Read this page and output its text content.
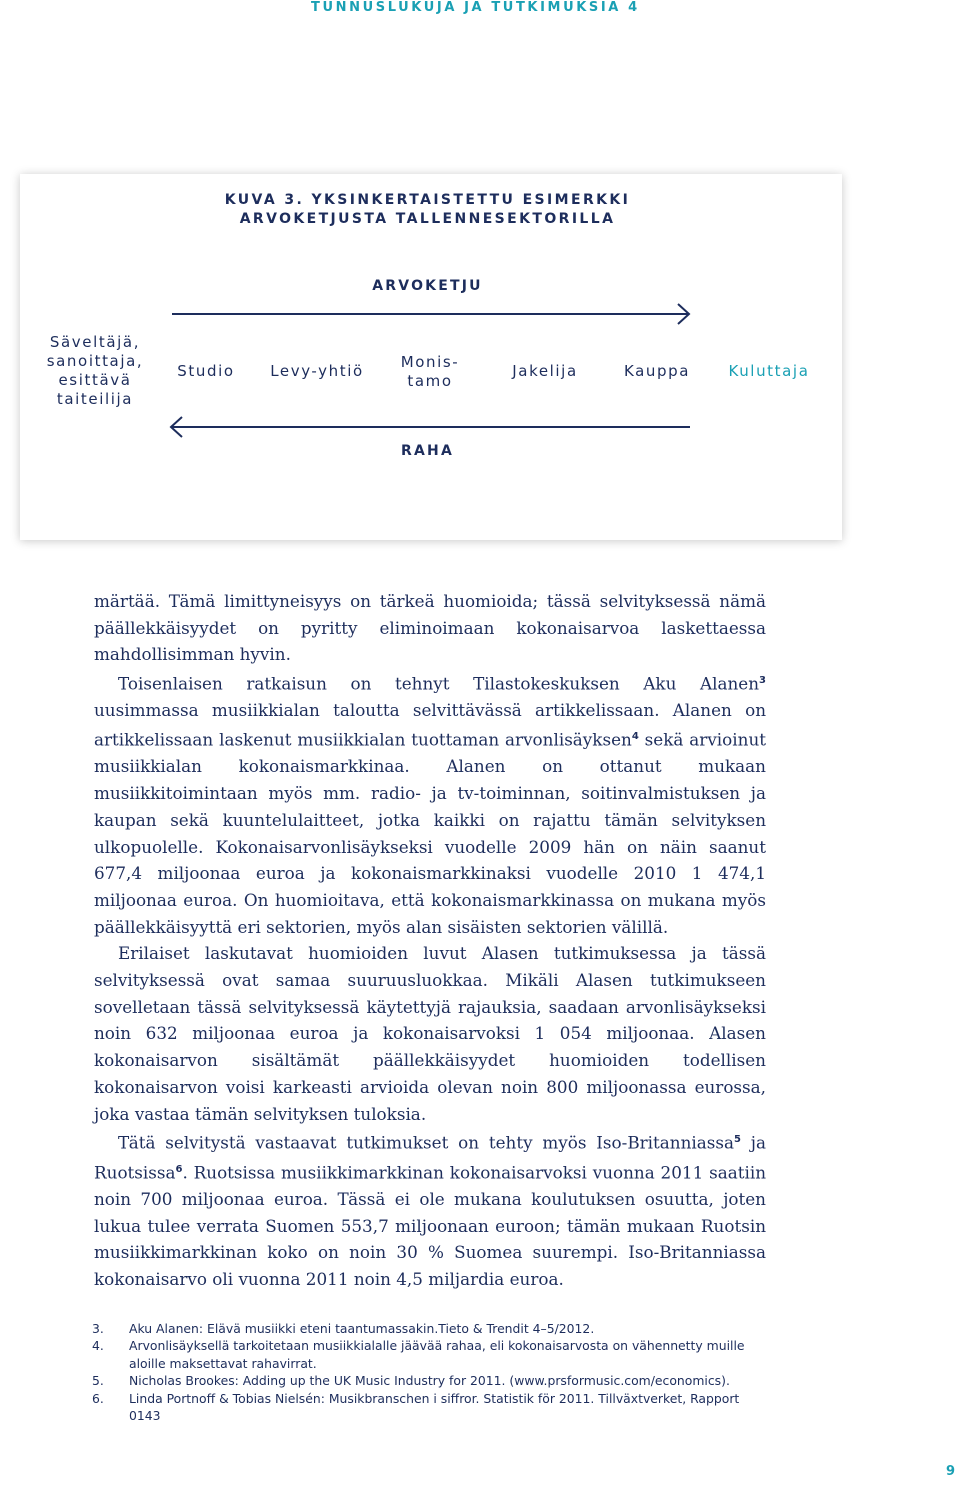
TUNNUSLUKUJA JA TUTKIMUKSIA 4
KUVA 3. YKSINKERTAISTETTU ESIMERKKI
ARVOKETJUSTA TALLENNESEKTORILLA
ARVOKETJU
Säveltäjä,
sanoittaja,
esittävä
taiteilija
Studio Levy-yhtiö Monis-
tamo
Jakelija	Kauppa	Kuluttaja
RAHA

märtää. Tämä limittyneisyys on tärkeä huomioida; tässä selvityksessä nämä päällekkäisyydet on pyritty eliminoimaan kokonaisarvoa laskettaessa mahdollisimman hyvin.

Toisenlaisen ratkaisun on tehnyt Tilastokeskuksen Aku Alanen$^3$ uusimmassa musiikkialan taloutta selvittävässä artikkelissaan. Alanen on artikkelissaan laskenut musiikkialan tuottaman arvonlisäyksen$^4$ sekä arvioinut musiikkialan kokonaismarkkinaa. Alanen on ottanut mukaan musiikkitoimintaan myös mm. radio- ja tv-toiminnan, soitinvalmistuksen ja kaupan sekä kuuntelulaitteet, jotka kaikki on rajattu tämän selvityksen ulkopuolelle. Kokonaisarvonlisäykseksi vuodelle 2009 hän on näin saanut 677,4 miljoonaa euroa ja kokonaismarkkinaksi vuodelle 2010 1 474,1 miljoonaa euroa. On huomioitava, että kokonaismarkkinassa on mukana myös päällekkäisyyttä eri sektorien, myös alan sisäisten sektorien välillä.

Erilaiset laskutavat huomioiden luvut Alasen tutkimuksessa ja tässä selvityksessä ovat samaa suuruusluokkaa. Mikäli Alasen tutkimukseen sovelletaan tässä selvityksessä käytettyjä rajauksia, saadaan arvonlisäykseksi noin 632 miljoonaa euroa ja kokonaisarvoksi 1 054 miljoonaa. Alasen kokonaisarvon sisältämät päällekkäisyydet huomioiden todellisen kokonaisarvon voisi karkeasti arvioida olevan noin 800 miljoonassa eurossa, joka vastaa tämän selvityksen tuloksia.

Tätä selvitystä vastaavat tutkimukset on tehty myös Iso-Britanniassa$^5$ ja Ruotsissa$^6$. Ruotsissa musiikkimarkkinan kokonaisarvoksi vuonna 2011 saatiin noin 700 miljoonaa euroa. Tässä ei ole mukana koulutuksen osuutta, joten lukua tulee verrata Suomen 553,7 miljoonaan euroon; tämän mukaan Ruotsin musiikkimarkkinan koko on noin 30 % Suomea suurempi. Iso-Britanniassa kokonaisarvo oli vuonna 2011 noin 4,5 miljardia euroa.

3.	Aku Alanen: Elävä musiikki eteni taantumassakin.Tieto & Trendit 4–5/2012.
4.	Arvonlisäyksellä tarkoitetaan musiikkialalle jäävää rahaa, eli kokonaisarvosta on vähennetty muille aloille maksettavat rahavirrat.
5.	Nicholas Brookes: Adding up the UK Music Industry for 2011. (www.prsformusic.com/economics).
6.	Linda Portnoff & Tobias Nielsén: Musikbranschen i siffror. Statistik för 2011. Tillväxtverket, Rapport 0143
9
